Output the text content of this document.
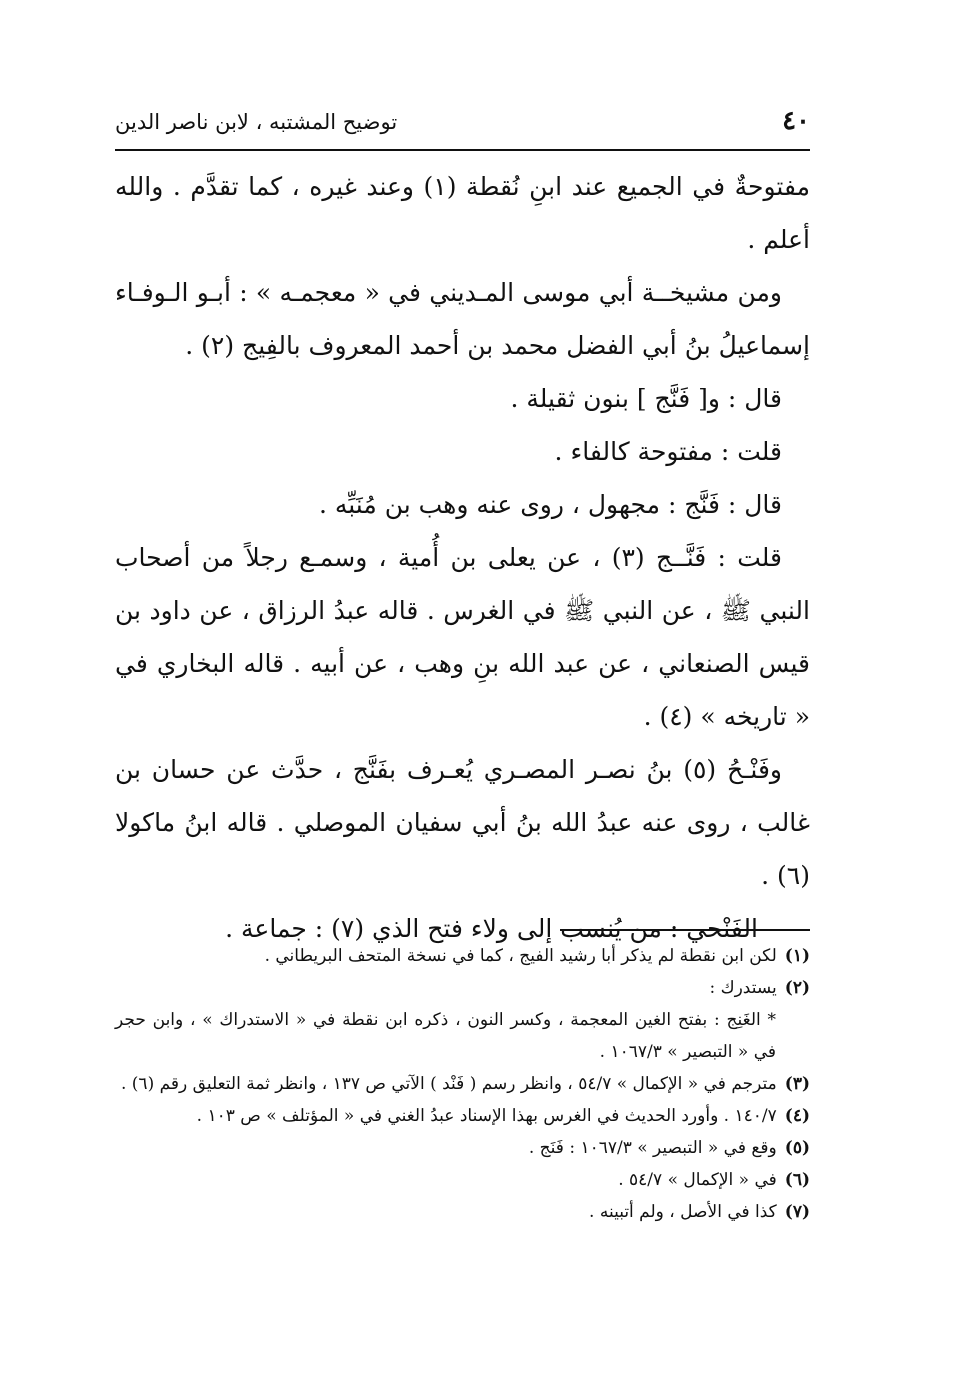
٤٠
توضيح المشتبه ، لابن ناصر الدين

مفتوحةٌ في الجميع عند ابنِ نُقطة (١) وعند غيره ، كما تقدَّم . والله أعلم .

ومن مشيخــة أبي موسى المـديني في « معجمـه » : أبـو الـوفـاء إسماعيلُ بنُ أبي الفضل محمد بن أحمد المعروف بالفِيج (٢) .

قال : و[ فَنَّج ] بنون ثقيلة .

قلت : مفتوحة كالفاء .

قال : فَنَّج : مجهول ، روى عنه وهب بن مُنَبِّه .

قلت : فَنَّــج (٣) ، عن يعلى بن أُمية ، وسمـع رجلاً من أصحاب النبي ﷺ ، عن النبي ﷺ في الغرس . قاله عبدُ الرزاق ، عن داود بن قيس الصنعاني ، عن عبد الله بنِ وهب ، عن أبيه . قاله البخاري في « تاريخه » (٤) .

وفَنْـحُ (٥) بنُ نصـر المصـري يُعـرف بفَنَّج ، حدَّث عن حسان بن غالب ، روى عنه عبدُ الله بنُ أبي سفيان الموصلي . قاله ابنُ ماكولا (٦) .

الفَنْحي : من يُنسب إلى ولاء فتح الذي (٧) : جماعة .

(١)لكن ابن نقطة لم يذكر أبا رشيد الفيج ، كما في نسخة المتحف البريطاني .

(٢)يستدرك :

* الغَنِج : بفتح الغين المعجمة ، وكسر النون ، ذكره ابن نقطة في « الاستدراك » ، وابن حجر في « التبصير » ١٠٦٧/٣ .

(٣)مترجم في « الإكمال » ٥٤/٧ ، وانظر رسم ( فَنْد ) الآتي ص ١٣٧ ، وانظر ثمة التعليق رقم (٦) .

(٤)١٤٠/٧ . وأورد الحديث في الغرس بهذا الإسناد عبدُ الغني في « المؤتلف » ص ١٠٣ .

(٥)وقع في « التبصير » ١٠٦٧/٣ : فَنَج .

(٦)في « الإكمال » ٥٤/٧ .

(٧)كذا في الأصل ، ولم أتبينه .
